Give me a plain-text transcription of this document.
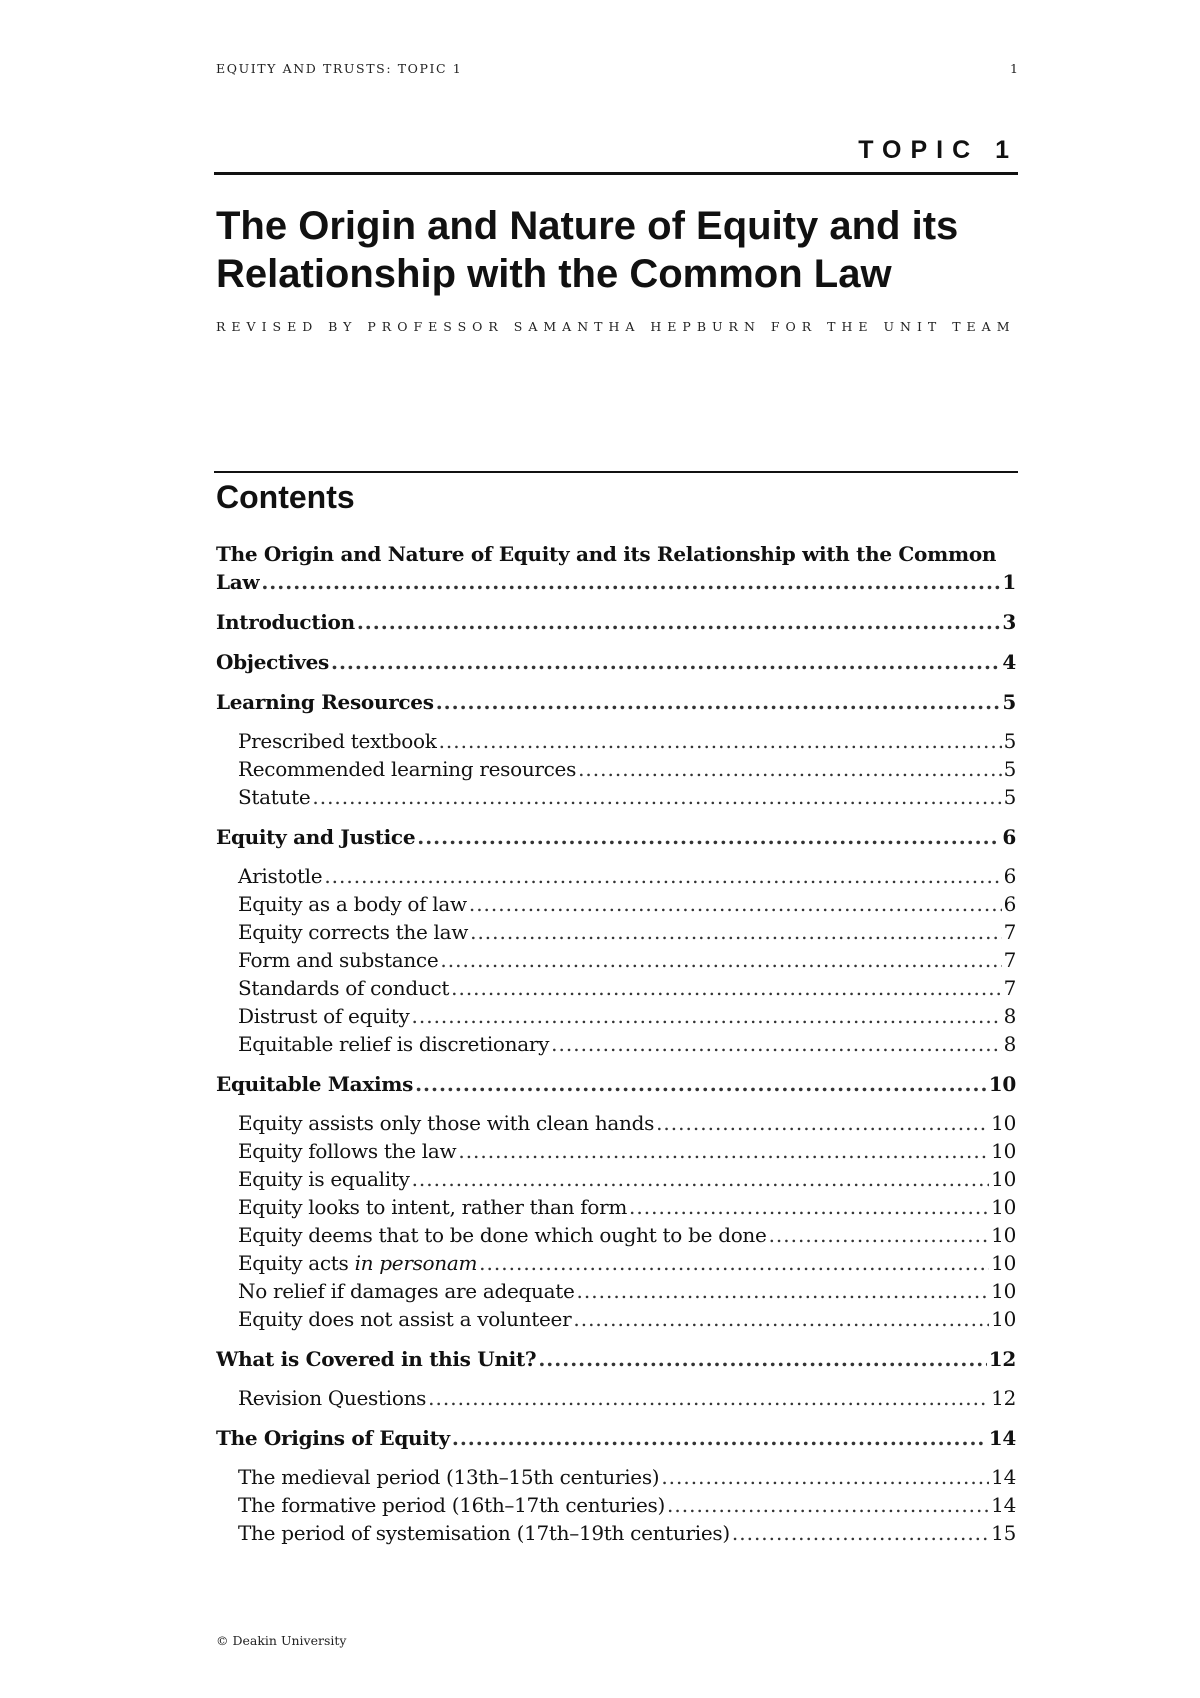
EQUITY AND TRUSTS: TOPIC 1	1
TOPIC 1
The Origin and Nature of Equity and its Relationship with the Common Law
REVISED BY PROFESSOR SAMANTHA HEPBURN FOR THE UNIT TEAM
Contents
The Origin and Nature of Equity and its Relationship with the Common
Law .....	1
Introduction .....	3
Objectives .....	4
Learning Resources .....	5
Prescribed textbook .....	5
Recommended learning resources .....	5
Statute .....	5
Equity and Justice .....	6
Aristotle .....	6
Equity as a body of law .....	6
Equity corrects the law .....	7
Form and substance .....	7
Standards of conduct .....	7
Distrust of equity .....	8
Equitable relief is discretionary .....	8
Equitable Maxims .....	10
Equity assists only those with clean hands .....	10
Equity follows the law .....	10
Equity is equality .....	10
Equity looks to intent, rather than form .....	10
Equity deems that to be done which ought to be done .....	10
Equity acts in personam .....	10
No relief if damages are adequate .....	10
Equity does not assist a volunteer .....	10
What is Covered in this Unit? .....	12
Revision Questions .....	12
The Origins of Equity .....	14
The medieval period (13th–15th centuries) .....	14
The formative period (16th–17th centuries) .....	14
The period of systemisation (17th–19th centuries) .....	15
© Deakin University
